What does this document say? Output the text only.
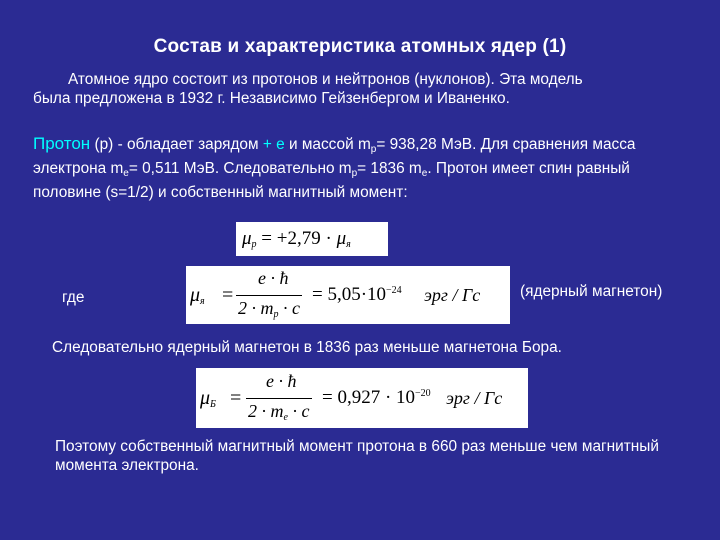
Состав и характеристика атомных ядер (1)
Атомное ядро состоит из протонов и нейтронов (нуклонов). Эта модель
была предложена в 1932 г. Независимо Гейзенбергом и Иваненко.
Протон (р) - обладает зарядом + е и массой $m_р= 938,28$ МэВ. Для сравнения масса электрона $m_е= 0,511$ МэВ. Следовательно $m_р= 1836$ $m_е$. Протон имеет спин равный половине (s=1/2) и собственный магнитный момент:
$\mu_p = +2,79 \cdot \mu_я$
где	$\mu_я$ =
e · ħ
$2 \cdot m_p \cdot c$
= $5,05\cdot 10^{-24}$ эрг / Гс	(ядерный магнетон)
Следовательно ядерный магнетон в 1836 раз меньше магнетона Бора.
$\mu_Б$ =
e · ħ
$2 \cdot m_e \cdot c$
= $0,927 \cdot 10^{-20}$ эрг / Гс
Поэтому собственный магнитный момент протона в 660 раз меньше чем магнитный момента электрона.
